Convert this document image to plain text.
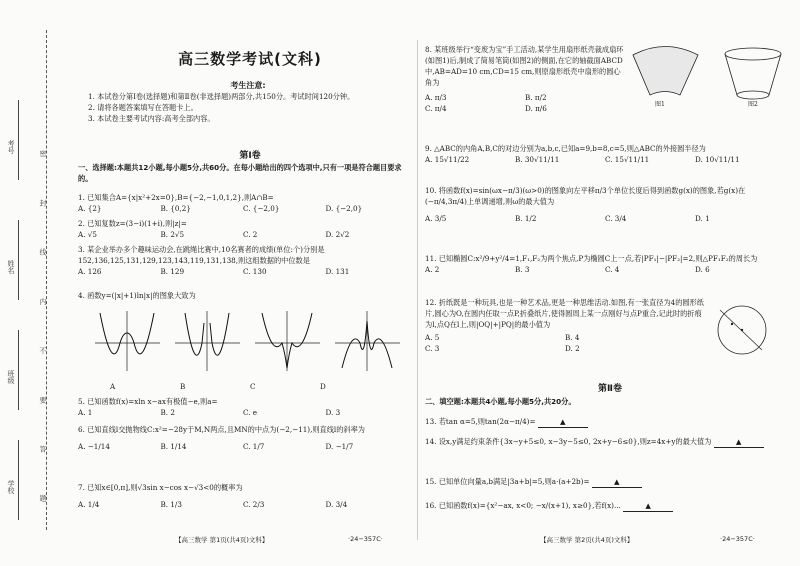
考号
姓名
班级
学校	密 封 线 内 不 要 答 题
高三数学考试(文科)
考生注意:
1. 本试卷分第Ⅰ卷(选择题)和第Ⅱ卷(非选择题)两部分,共150分。考试时间120分钟。
2. 请将各题答案填写在答题卡上。
3. 本试卷主要考试内容:高考全部内容。
第Ⅰ卷
一、选择题:本题共12小题,每小题5分,共60分。在每小题给出的四个选项中,只有一项是符合题目要求的。
1. 已知集合A={x|x²+2x=0},B={−2,−1,0,1,2},则A∩B=
A. {2}	B. {0,2}	C. {−2,0}	D. {−2,0}
2. 已知复数z=(3−i)(1+i),则|z|=
A. √5	B. 2√5	C. 2	D. 2√2
3. 某企业举办多个趣味运动会,在跳绳比赛中,10名赛者的成绩(单位:个)分别是152,136,125,131,129,123,143,119,131,138,则这组数据的中位数是
A. 126	B. 129	C. 130	D. 131
4. 函数y=(|x|+1)ln|x|的图象大致为
A	B	C	D
5. 已知函数f(x)=xln x−ax有极值−e,则a=
A. 1	B. 2	C. e	D. 3
6. 已知直线l交抛物线C:x²=−28y于M,N两点,且MN的中点为(−2,−11),则直线l的斜率为
A. −1/14	B. 1/14	C. 1/7	D. −1/7
7. 已知x∈[0,π],则√3sin x−cos x−√3<0的概率为
A. 1/4	B. 1/3	C. 2/3	D. 3/4
【高三数学 第1页(共4页)文科】	·24−357C·
8. 某班级举行“变废为宝”手工活动,某学生用扇形纸壳裁成扇环(如图1)后,制成了简易笔筒(如图2)的侧面,在它的轴截面ABCD中,AB=AD=10 cm,CD=15 cm,则原扇形纸壳中扇形的圆心角为
A. π/3	B. π/2
C. π/4	D. π/6	图1	图2
9. △ABC的内角A,B,C的对边分别为a,b,c,已知a=9,b=8,c=5,则△ABC的外接圆半径为
A. 15√11/22	B. 30√11/11	C. 15√11/11	D. 10√11/11
10. 将函数f(x)=sin(ωx−π/3)(ω>0)的图象向左平移π/3个单位长度后得到函数g(x)的图象,若g(x)在(−π/4,3π/4)上单调递增,则ω的最大值为
A. 3/5	B. 1/2	C. 3/4	D. 1
11. 已知椭圆C:x²/9+y²/4=1,F₁,F₂为两个焦点,P为椭圆C上一点,若|PF₁|−|PF₂|=2,则△PF₁F₂的周长为
A. 2	B. 3	C. 4	D. 6
12. 折纸既是一种玩具,也是一种艺术品,更是一种思维活动.如图,有一张直径为4的圆形纸片,圆心为O,在圆内任取一点P,折叠纸片,使得圆周上某一点刚好与点P重合,记此时的折痕为l,点Q在l上,则|OQ|+|PQ|的最小值为
A. 5	B. 4
C. 3	D. 2
第Ⅱ卷
二、填空题:本题共4小题,每小题5分,共20分。
13. 若tan α=5,则tan(2α−π/4)=	▲
14. 设x,y满足约束条件{3x−y+5≤0, x−3y−5≤0, 2x+y−6≤0},则z=4x+y的最大值为	▲
15. 已知单位向量a,b满足|3a+b|=5,则a·(a+2b)=	▲
16. 已知函数f(x)={x²−ax, x<0; −x/(x+1), x≥0},若f(x)...	▲
【高三数学 第2页(共4页)文科】	·24−357C·
